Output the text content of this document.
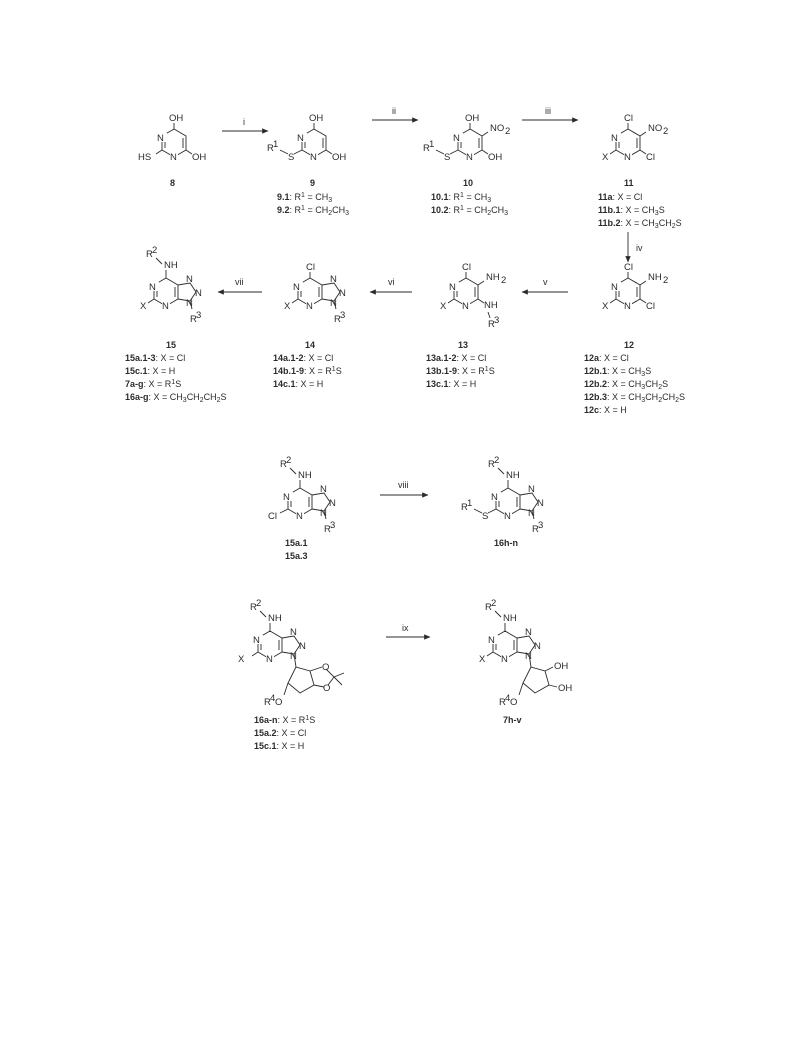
N
N
OH
OH
HS
8
i
N
N
OH
OH
S
R 1
9
9.1: $R^1 = CH_3$
9.2: $R^1 = CH_2CH_3$
ii
N
N
OH
OH
NO 2
S
R 1
10
10.1: $R^1 = CH_3$
10.2: $R^1 = CH_2CH_3$
iii
N
N
Cl
Cl
NO 2
X
11
11a: X = Cl
11b.1: $X = CH_3S$
11b.2: $X = CH_3CH_2S$
iv
N
N
Cl
Cl
NH 2
X
12
12a: X = Cl
12b.1: $X = CH_3S$
12b.2: $X = CH_3CH_2S$
12b.3: $X = CH_3CH_2CH_2S$
12c: X = H
v
N
N
Cl
NH 2
NH
R 3
X
13
13a.1-2: X = Cl
13b.1-9: $X = R^1S$
13c.1: X = H
vi
N
N
N
N
N
Cl
R 3
X
14
14a.1-2: X = Cl
14b.1-9: $X = R^1S$
14c.1: X = H
vii
N
N
N
N
N
NH
R 2
R 3
X
15
15a.1-3: X = Cl
15c.1: X = H
7a-g: $X = R^1S$
16a-g: $X = CH_3CH_2CH_2S$
N
N
N
N
N
NH
R 2
R 3
Cl
15a.1
15a.3
viii
N
N
N
N
N
NH
R 2
R 3
S
R 1
16h-n
N
N
N
N
N
NH
R 2
O
O
R 4 O
X
16a-n: $X = R^1S$
15a.2: X = Cl
15c.1: X = H
ix
N
N
N
N
N
NH
R 2
OH
OH
R 4 O
X
7h-v
